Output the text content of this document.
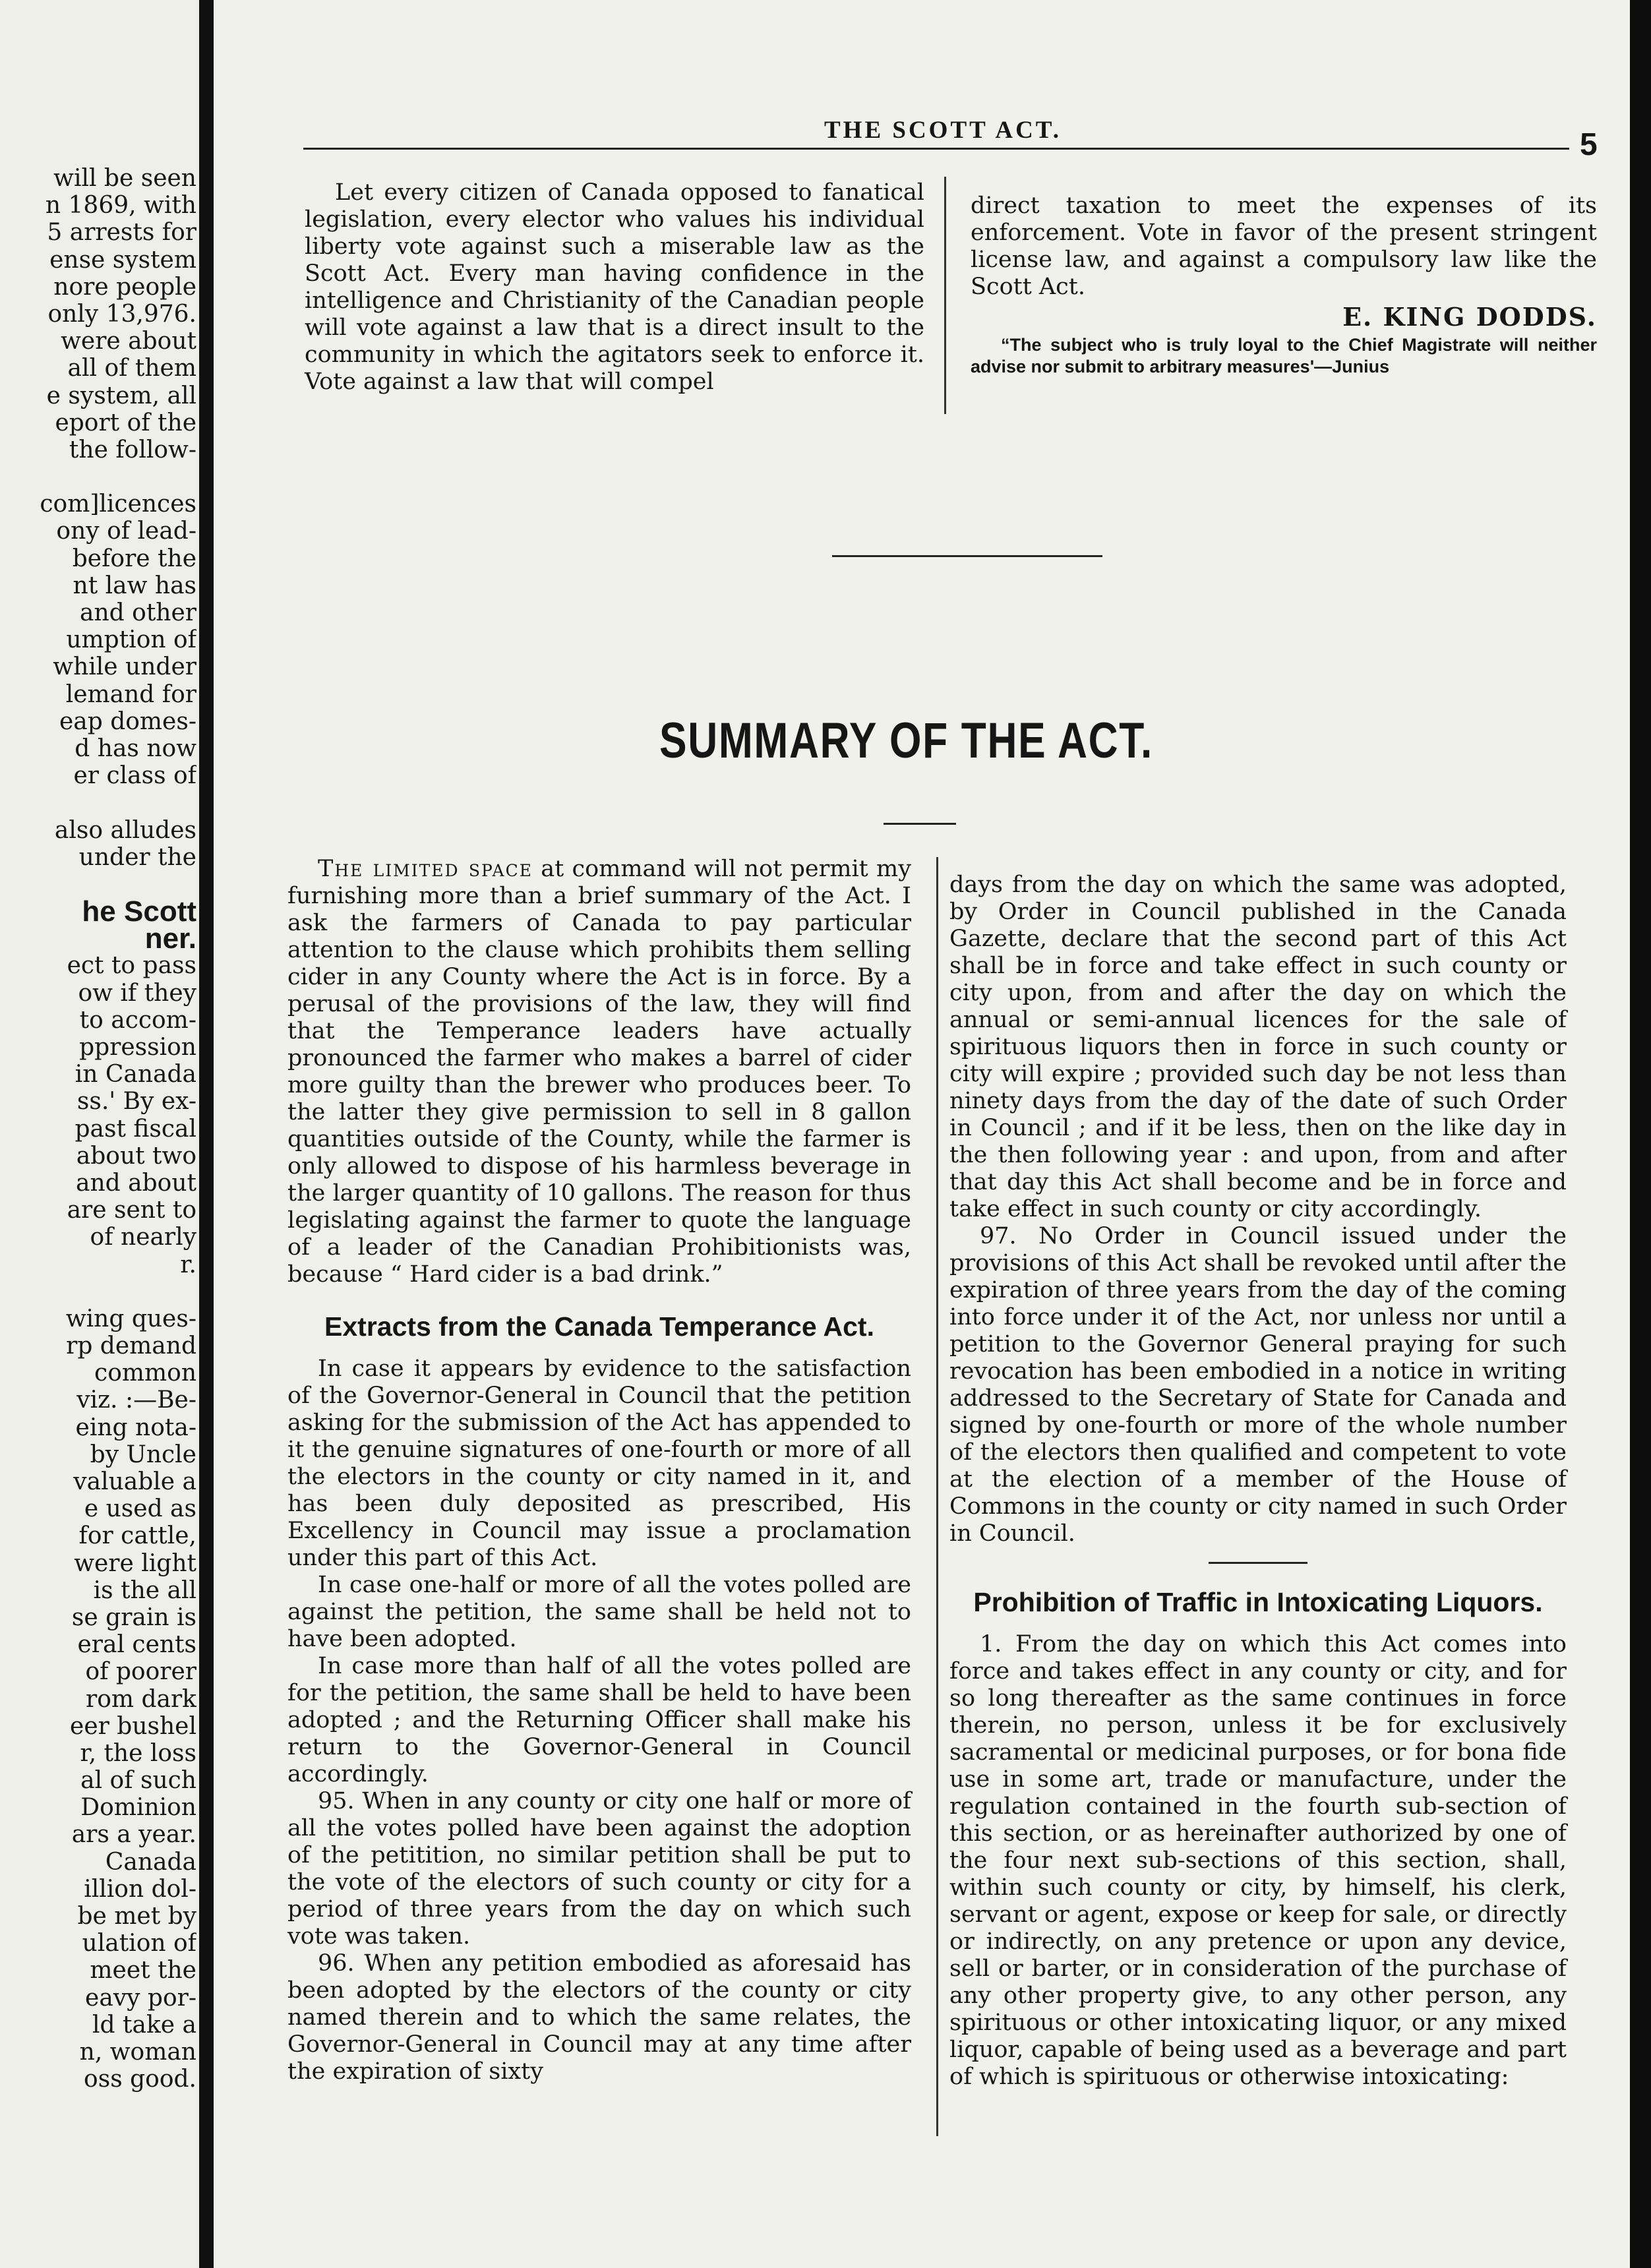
will be seen
n 1869, with
5 arrests for
ense system
nore people
only 13,976.
were about
all of them
e system, all
eport of the
the follow-

com]licences
ony of lead-
before the
nt law has
and other
umption of
while under
lemand for
eap domes-
d has now
er class of

also alludes
under the

he Scott
ner.
ect to pass
ow if they
to accom-
ppression
in Canada
ss.' By ex-
past fiscal
about two
and about
are sent to
of nearly
r.

wing ques-
rp demand
common
viz. :—Be-
eing nota-
by Uncle
valuable a
e used as
for cattle,
were light
is the all
se grain is
eral cents
of poorer
rom dark
eer bushel
r, the loss
al of such
Dominion
ars a year.
Canada
illion dol-
be met by
ulation of
meet the
eavy por-
ld take a
n, woman
oss good.
THE SCOTT ACT.	5

Let every citizen of Canada opposed to fanatical legislation, every elector who values his individual liberty vote against such a miserable law as the Scott Act. Every man having confidence in the intelligence and Christianity of the Canadian people will vote against a law that is a direct insult to the community in which the agitators seek to enforce it. Vote against a law that will compel

direct taxation to meet the expenses of its enforcement. Vote in favor of the present stringent license law, and against a compulsory law like the Scott Act.

E. KING DODDS.
“The subject who is truly loyal to the Chief Magistrate will neither advise nor submit to arbitrary measures'—Junius
SUMMARY OF THE ACT.

The limited space at command will not permit my furnishing more than a brief summary of the Act. I ask the farmers of Canada to pay particular attention to the clause which prohibits them selling cider in any County where the Act is in force. By a perusal of the provisions of the law, they will find that the Temperance leaders have actually pronounced the farmer who makes a barrel of cider more guilty than the brewer who produces beer. To the latter they give permission to sell in 8 gallon quantities outside of the County, while the farmer is only allowed to dispose of his harmless beverage in the larger quantity of 10 gallons. The reason for thus legislating against the farmer to quote the language of a leader of the Canadian Prohibitionists was, because “ Hard cider is a bad drink.”

Extracts from the Canada Temperance Act.

In case it appears by evidence to the satisfaction of the Governor-General in Council that the petition asking for the submission of the Act has appended to it the genuine signatures of one-fourth or more of all the electors in the county or city named in it, and has been duly deposited as prescribed, His Excellency in Council may issue a proclamation under this part of this Act.

In case one-half or more of all the votes polled are against the petition, the same shall be held not to have been adopted.

In case more than half of all the votes polled are for the petition, the same shall be held to have been adopted ; and the Returning Officer shall make his return to the Governor-General in Council accordingly.

95. When in any county or city one half or more of all the votes polled have been against the adoption of the petitition, no similar petition shall be put to the vote of the electors of such county or city for a period of three years from the day on which such vote was taken.

96. When any petition embodied as aforesaid has been adopted by the electors of the county or city named therein and to which the same relates, the Governor-General in Council may at any time after the expiration of sixty

days from the day on which the same was adopted, by Order in Council published in the Canada Gazette, declare that the second part of this Act shall be in force and take effect in such county or city upon, from and after the day on which the annual or semi-annual licences for the sale of spirituous liquors then in force in such county or city will expire ; provided such day be not less than ninety days from the day of the date of such Order in Council ; and if it be less, then on the like day in the then following year : and upon, from and after that day this Act shall become and be in force and take effect in such county or city accordingly.

97. No Order in Council issued under the provisions of this Act shall be revoked until after the expiration of three years from the day of the coming into force under it of the Act, nor unless nor until a petition to the Governor General praying for such revocation has been embodied in a notice in writing addressed to the Secretary of State for Canada and signed by one-fourth or more of the whole number of the electors then qualified and competent to vote at the election of a member of the House of Commons in the county or city named in such Order in Council.

Prohibition of Traffic in Intoxicating Liquors.

1. From the day on which this Act comes into force and takes effect in any county or city, and for so long thereafter as the same continues in force therein, no person, unless it be for exclusively sacramental or medicinal purposes, or for bona fide use in some art, trade or manufacture, under the regulation contained in the fourth sub-section of this section, or as hereinafter authorized by one of the four next sub-sections of this section, shall, within such county or city, by himself, his clerk, servant or agent, expose or keep for sale, or directly or indirectly, on any pretence or upon any device, sell or barter, or in consideration of the purchase of any other property give, to any other person, any spirituous or other intoxicating liquor, or any mixed liquor, capable of being used as a beverage and part of which is spirituous or otherwise intoxicating:
